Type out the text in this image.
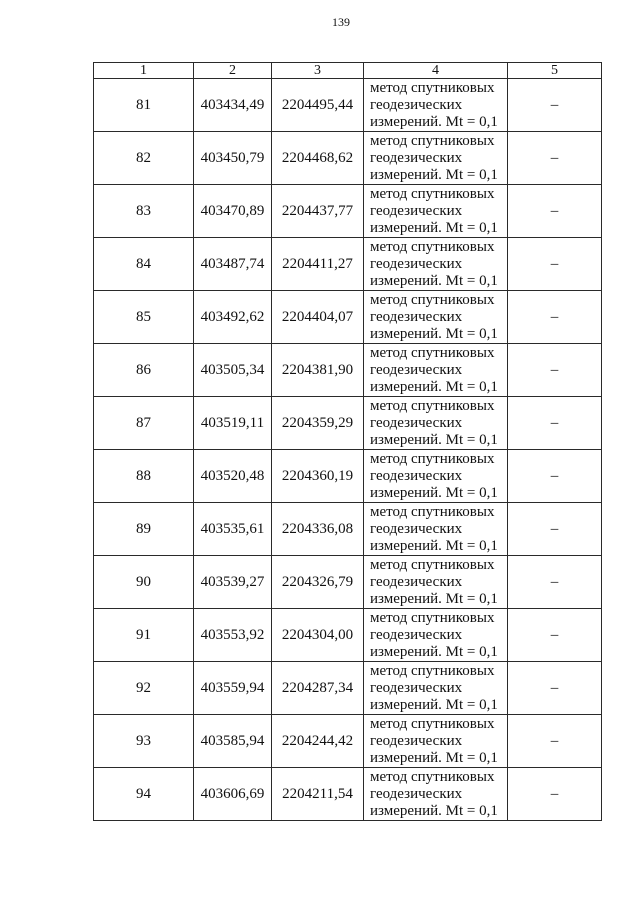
139
1	2	3	4	5
81	403434,49	2204495,44	метод спутниковых геодезических измерений. Mt = 0,1	–
82	403450,79	2204468,62	метод спутниковых геодезических измерений. Mt = 0,1	–
83	403470,89	2204437,77	метод спутниковых геодезических измерений. Mt = 0,1	–
84	403487,74	2204411,27	метод спутниковых геодезических измерений. Mt = 0,1	–
85	403492,62	2204404,07	метод спутниковых геодезических измерений. Mt = 0,1	–
86	403505,34	2204381,90	метод спутниковых геодезических измерений. Mt = 0,1	–
87	403519,11	2204359,29	метод спутниковых геодезических измерений. Mt = 0,1	–
88	403520,48	2204360,19	метод спутниковых геодезических измерений. Mt = 0,1	–
89	403535,61	2204336,08	метод спутниковых геодезических измерений. Mt = 0,1	–
90	403539,27	2204326,79	метод спутниковых геодезических измерений. Mt = 0,1	–
91	403553,92	2204304,00	метод спутниковых геодезических измерений. Mt = 0,1	–
92	403559,94	2204287,34	метод спутниковых геодезических измерений. Mt = 0,1	–
93	403585,94	2204244,42	метод спутниковых геодезических измерений. Mt = 0,1	–
94	403606,69	2204211,54	метод спутниковых геодезических измерений. Mt = 0,1	–
